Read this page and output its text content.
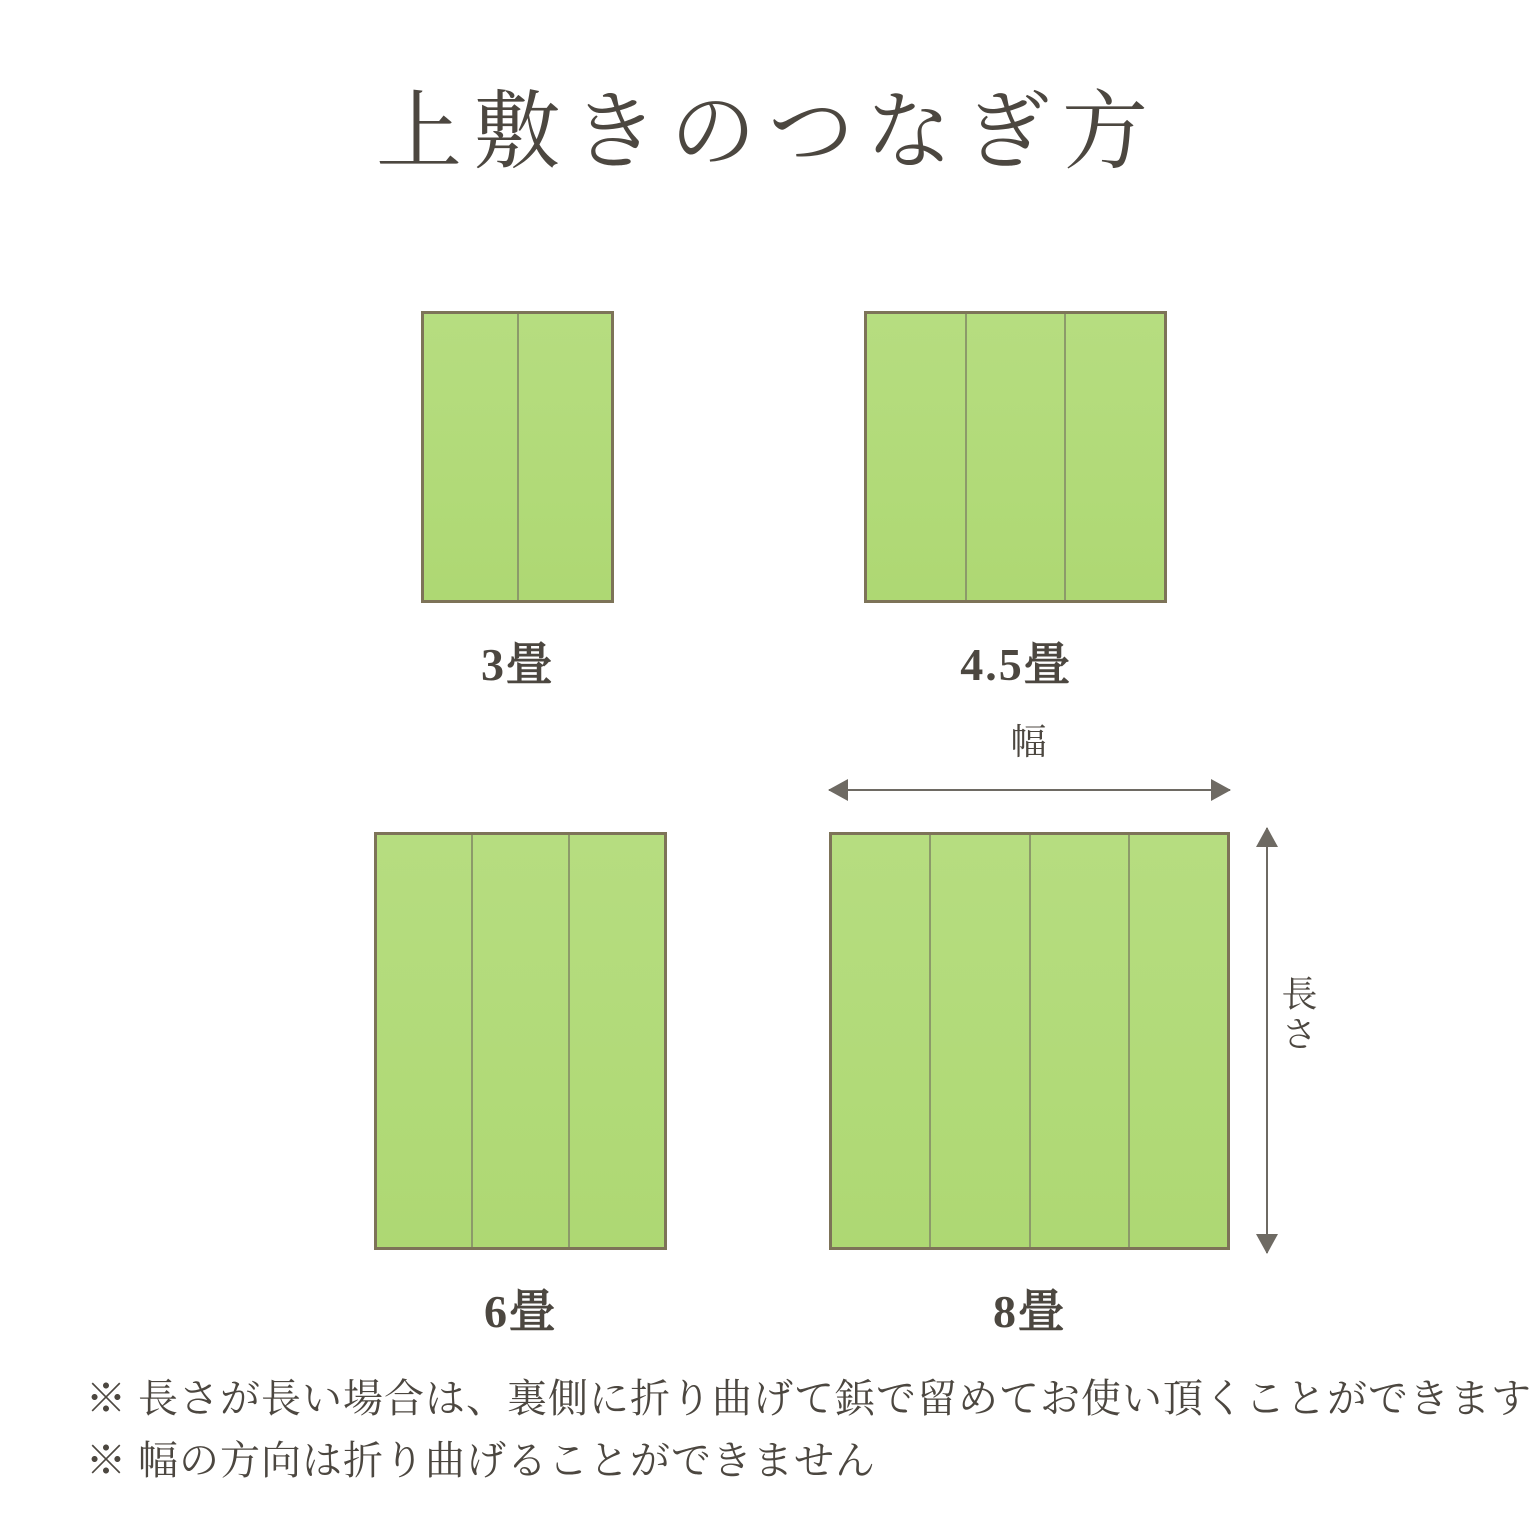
上敷きのつなぎ方
3畳	4.5畳
6畳	8畳
幅
長さ
※ 長さが長い場合は、裏側に折り曲げて鋲で留めてお使い頂くことができます
※ 幅の方向は折り曲げることができません
